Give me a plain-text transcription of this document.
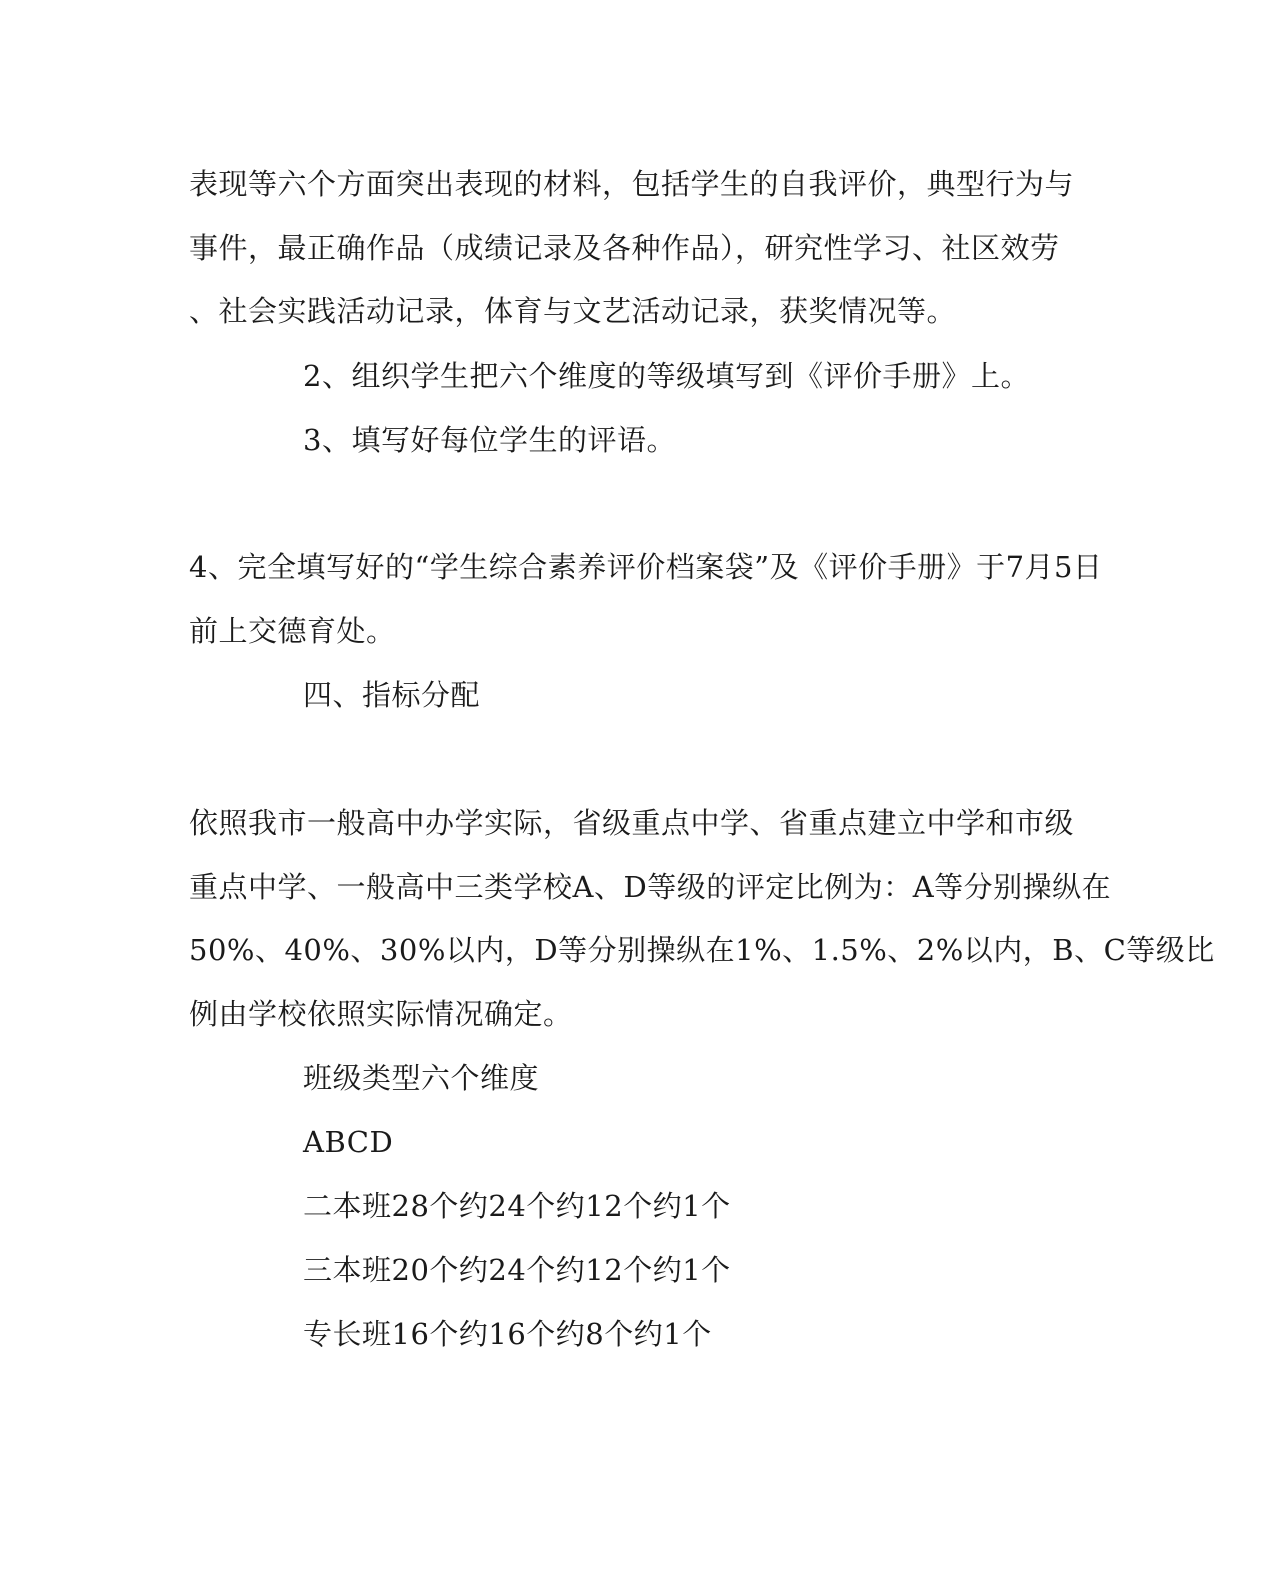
表现等六个方面突出表现的材料，包括学生的自我评价，典型行为与
事件，最正确作品（成绩记录及各种作品），研究性学习、社区效劳
、社会实践活动记录，体育与文艺活动记录，获奖情况等。
2、组织学生把六个维度的等级填写到《评价手册》上。
3、填写好每位学生的评语。
4、完全填写好的“学生综合素养评价档案袋”及《评价手册》于7月5日
前上交德育处。
四、指标分配
依照我市一般高中办学实际，省级重点中学、省重点建立中学和市级
重点中学、一般高中三类学校A、D等级的评定比例为：A等分别操纵在
50%、40%、30%以内，D等分别操纵在1%、1.5%、2%以内，B、C等级比
例由学校依照实际情况确定。
班级类型六个维度
ABCD
二本班28个约24个约12个约1个
三本班20个约24个约12个约1个
专长班16个约16个约8个约1个
